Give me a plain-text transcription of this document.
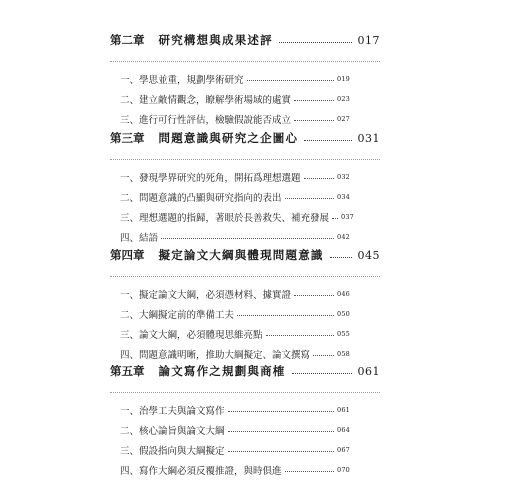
第二章 研究構想與成果述評	017
一、學思並重，規劃學術研究	019
二、建立敵情觀念，瞭解學術場域的處實	023
三、進行可行性評估，檢驗假說能否成立	027
第三章 問題意識與研究之企圖心	031
一、發現學界研究的死角，開拓爲理想選題	032
二、問題意識的凸顯與研究指向的表出	034
三、理想選題的指歸，著眼於長善救失、補充發展 037
四、結語	042
第四章 擬定論文大綱與體現問題意識	045
一、擬定論文大綱，必須憑材料、據實證	046
二、大綱擬定前的準備工夫	050
三、論文大綱，必須體現思維亮點	055
四、問題意識明晰，推助大綱擬定、論文撰寫	058
第五章 論文寫作之規劃與商榷	061
一、治學工夫與論文寫作	061
二、核心論旨與論文大綱	064
三、假設指向與大綱擬定	067
四、寫作大綱必須反覆推證，與時俱進	070
